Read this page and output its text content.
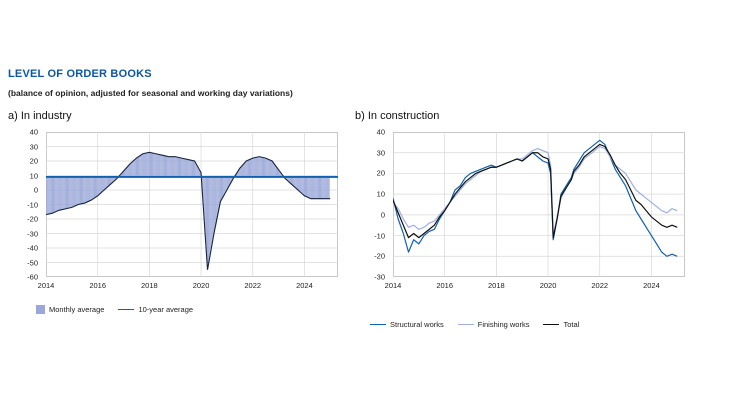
LEVEL OF ORDER BOOKS
(balance of opinion, adjusted for seasonal and working day variations)
a) In industry	b) In construction
40
30
20
10
0
-10
-20
-30
-40
-50
-60
2014	2016	2018	2020	2022	2024
40
30
20
10
0
-10
-20
-30
2014	2016	2018	2020	2022	2024
Monthly average	10-year average
Structural works	Finishing works	Total
